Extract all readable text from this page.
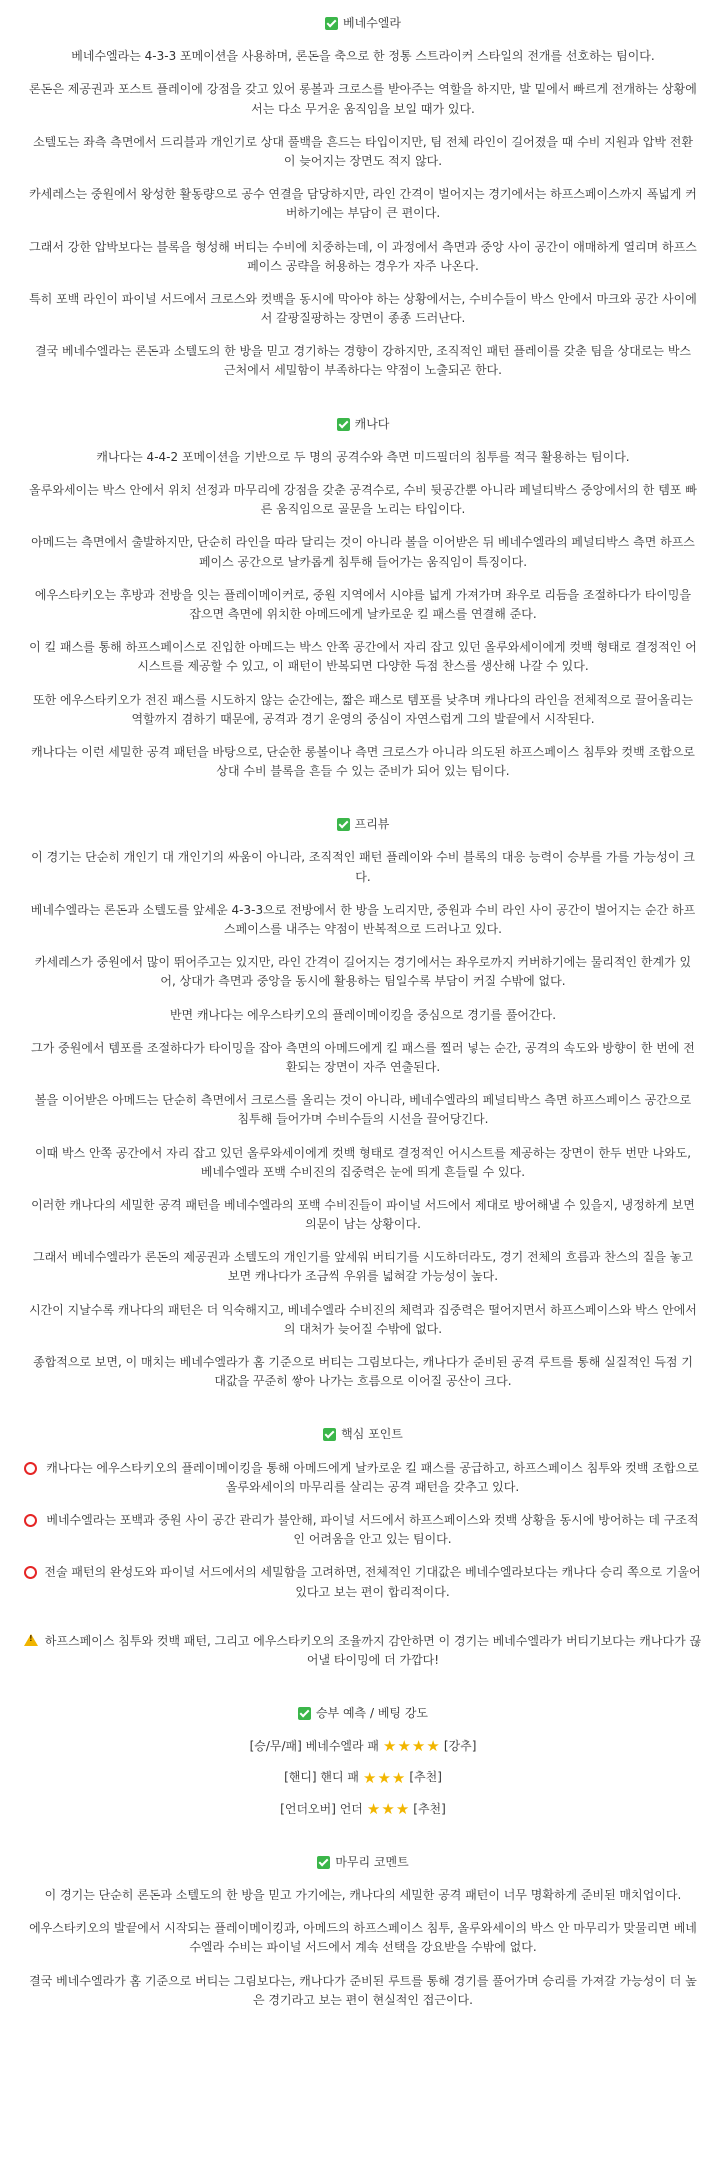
베네수엘라

베네수엘라는 4-3-3 포메이션을 사용하며, 론돈을 축으로 한 정통 스트라이커 스타일의 전개를 선호하는 팀이다.

론돈은 제공권과 포스트 플레이에 강점을 갖고 있어 롱볼과 크로스를 받아주는 역할을 하지만, 발 밑에서 빠르게 전개하는 상황에서는 다소 무거운 움직임을 보일 때가 있다.

소텔도는 좌측 측면에서 드리블과 개인기로 상대 풀백을 흔드는 타입이지만, 팀 전체 라인이 길어졌을 때 수비 지원과 압박 전환이 늦어지는 장면도 적지 않다.

카세레스는 중원에서 왕성한 활동량으로 공수 연결을 담당하지만, 라인 간격이 벌어지는 경기에서는 하프스페이스까지 폭넓게 커버하기에는 부담이 큰 편이다.

그래서 강한 압박보다는 블록을 형성해 버티는 수비에 치중하는데, 이 과정에서 측면과 중앙 사이 공간이 애매하게 열리며 하프스페이스 공략을 허용하는 경우가 자주 나온다.

특히 포백 라인이 파이널 서드에서 크로스와 컷백을 동시에 막아야 하는 상황에서는, 수비수들이 박스 안에서 마크와 공간 사이에서 갈팡질팡하는 장면이 종종 드러난다.

결국 베네수엘라는 론돈과 소텔도의 한 방을 믿고 경기하는 경향이 강하지만, 조직적인 패턴 플레이를 갖춘 팀을 상대로는 박스 근처에서 세밀함이 부족하다는 약점이 노출되곤 한다.

캐나다

캐나다는 4-4-2 포메이션을 기반으로 두 명의 공격수와 측면 미드필더의 침투를 적극 활용하는 팀이다.

올루와세이는 박스 안에서 위치 선정과 마무리에 강점을 갖춘 공격수로, 수비 뒷공간뿐 아니라 페널티박스 중앙에서의 한 템포 빠른 움직임으로 골문을 노리는 타입이다.

아메드는 측면에서 출발하지만, 단순히 라인을 따라 달리는 것이 아니라 볼을 이어받은 뒤 베네수엘라의 페널티박스 측면 하프스페이스 공간으로 날카롭게 침투해 들어가는 움직임이 특징이다.

에우스타키오는 후방과 전방을 잇는 플레이메이커로, 중원 지역에서 시야를 넓게 가져가며 좌우로 리듬을 조절하다가 타이밍을 잡으면 측면에 위치한 아메드에게 날카로운 킬 패스를 연결해 준다.

이 킬 패스를 통해 하프스페이스로 진입한 아메드는 박스 안쪽 공간에서 자리 잡고 있던 올루와세이에게 컷백 형태로 결정적인 어시스트를 제공할 수 있고, 이 패턴이 반복되면 다양한 득점 찬스를 생산해 나갈 수 있다.

또한 에우스타키오가 전진 패스를 시도하지 않는 순간에는, 짧은 패스로 템포를 낮추며 캐나다의 라인을 전체적으로 끌어올리는 역할까지 겸하기 때문에, 공격과 경기 운영의 중심이 자연스럽게 그의 발끝에서 시작된다.

캐나다는 이런 세밀한 공격 패턴을 바탕으로, 단순한 롱볼이나 측면 크로스가 아니라 의도된 하프스페이스 침투와 컷백 조합으로 상대 수비 블록을 흔들 수 있는 준비가 되어 있는 팀이다.

프리뷰

이 경기는 단순히 개인기 대 개인기의 싸움이 아니라, 조직적인 패턴 플레이와 수비 블록의 대응 능력이 승부를 가를 가능성이 크다.

베네수엘라는 론돈과 소텔도를 앞세운 4-3-3으로 전방에서 한 방을 노리지만, 중원과 수비 라인 사이 공간이 벌어지는 순간 하프스페이스를 내주는 약점이 반복적으로 드러나고 있다.

카세레스가 중원에서 많이 뛰어주고는 있지만, 라인 간격이 길어지는 경기에서는 좌우로까지 커버하기에는 물리적인 한계가 있어, 상대가 측면과 중앙을 동시에 활용하는 팀일수록 부담이 커질 수밖에 없다.

반면 캐나다는 에우스타키오의 플레이메이킹을 중심으로 경기를 풀어간다.

그가 중원에서 템포를 조절하다가 타이밍을 잡아 측면의 아메드에게 킬 패스를 찔러 넣는 순간, 공격의 속도와 방향이 한 번에 전환되는 장면이 자주 연출된다.

볼을 이어받은 아메드는 단순히 측면에서 크로스를 올리는 것이 아니라, 베네수엘라의 페널티박스 측면 하프스페이스 공간으로 침투해 들어가며 수비수들의 시선을 끌어당긴다.

이때 박스 안쪽 공간에서 자리 잡고 있던 올루와세이에게 컷백 형태로 결정적인 어시스트를 제공하는 장면이 한두 번만 나와도, 베네수엘라 포백 수비진의 집중력은 눈에 띄게 흔들릴 수 있다.

이러한 캐나다의 세밀한 공격 패턴을 베네수엘라의 포백 수비진들이 파이널 서드에서 제대로 방어해낼 수 있을지, 냉정하게 보면 의문이 남는 상황이다.

그래서 베네수엘라가 론돈의 제공권과 소텔도의 개인기를 앞세워 버티기를 시도하더라도, 경기 전체의 흐름과 찬스의 질을 놓고 보면 캐나다가 조금씩 우위를 넓혀갈 가능성이 높다.

시간이 지날수록 캐나다의 패턴은 더 익숙해지고, 베네수엘라 수비진의 체력과 집중력은 떨어지면서 하프스페이스와 박스 안에서의 대처가 늦어질 수밖에 없다.

종합적으로 보면, 이 매치는 베네수엘라가 홈 기준으로 버티는 그림보다는, 캐나다가 준비된 공격 루트를 통해 실질적인 득점 기대값을 꾸준히 쌓아 나가는 흐름으로 이어질 공산이 크다.

핵심 포인트
캐나다는 에우스타키오의 플레이메이킹을 통해 아메드에게 날카로운 킬 패스를 공급하고, 하프스페이스 침투와 컷백 조합으로 올루와세이의 마무리를 살리는 공격 패턴을 갖추고 있다.
베네수엘라는 포백과 중원 사이 공간 관리가 불안해, 파이널 서드에서 하프스페이스와 컷백 상황을 동시에 방어하는 데 구조적인 어려움을 안고 있는 팀이다.
전술 패턴의 완성도와 파이널 서드에서의 세밀함을 고려하면, 전체적인 기대값은 베네수엘라보다는 캐나다 승리 쪽으로 기울어 있다고 보는 편이 합리적이다.
!
하프스페이스 침투와 컷백 패턴, 그리고 에우스타키오의 조율까지 감안하면 이 경기는 베네수엘라가 버티기보다는 캐나다가 끊어낼 타이밍에 더 가깝다!
승부 예측 / 베팅 강도
[승/무/패] 베네수엘라 패 ★ ★ ★ ★ [강추]
[핸디] 핸디 패 ★ ★ ★ [추천]
[언더오버] 언더 ★ ★ ★ [추천]
마무리 코멘트

이 경기는 단순히 론돈과 소텔도의 한 방을 믿고 가기에는, 캐나다의 세밀한 공격 패턴이 너무 명확하게 준비된 매치업이다.

에우스타키오의 발끝에서 시작되는 플레이메이킹과, 아메드의 하프스페이스 침투, 올루와세이의 박스 안 마무리가 맞물리면 베네수엘라 수비는 파이널 서드에서 계속 선택을 강요받을 수밖에 없다.

결국 베네수엘라가 홈 기준으로 버티는 그림보다는, 캐나다가 준비된 루트를 통해 경기를 풀어가며 승리를 가져갈 가능성이 더 높은 경기라고 보는 편이 현실적인 접근이다.
